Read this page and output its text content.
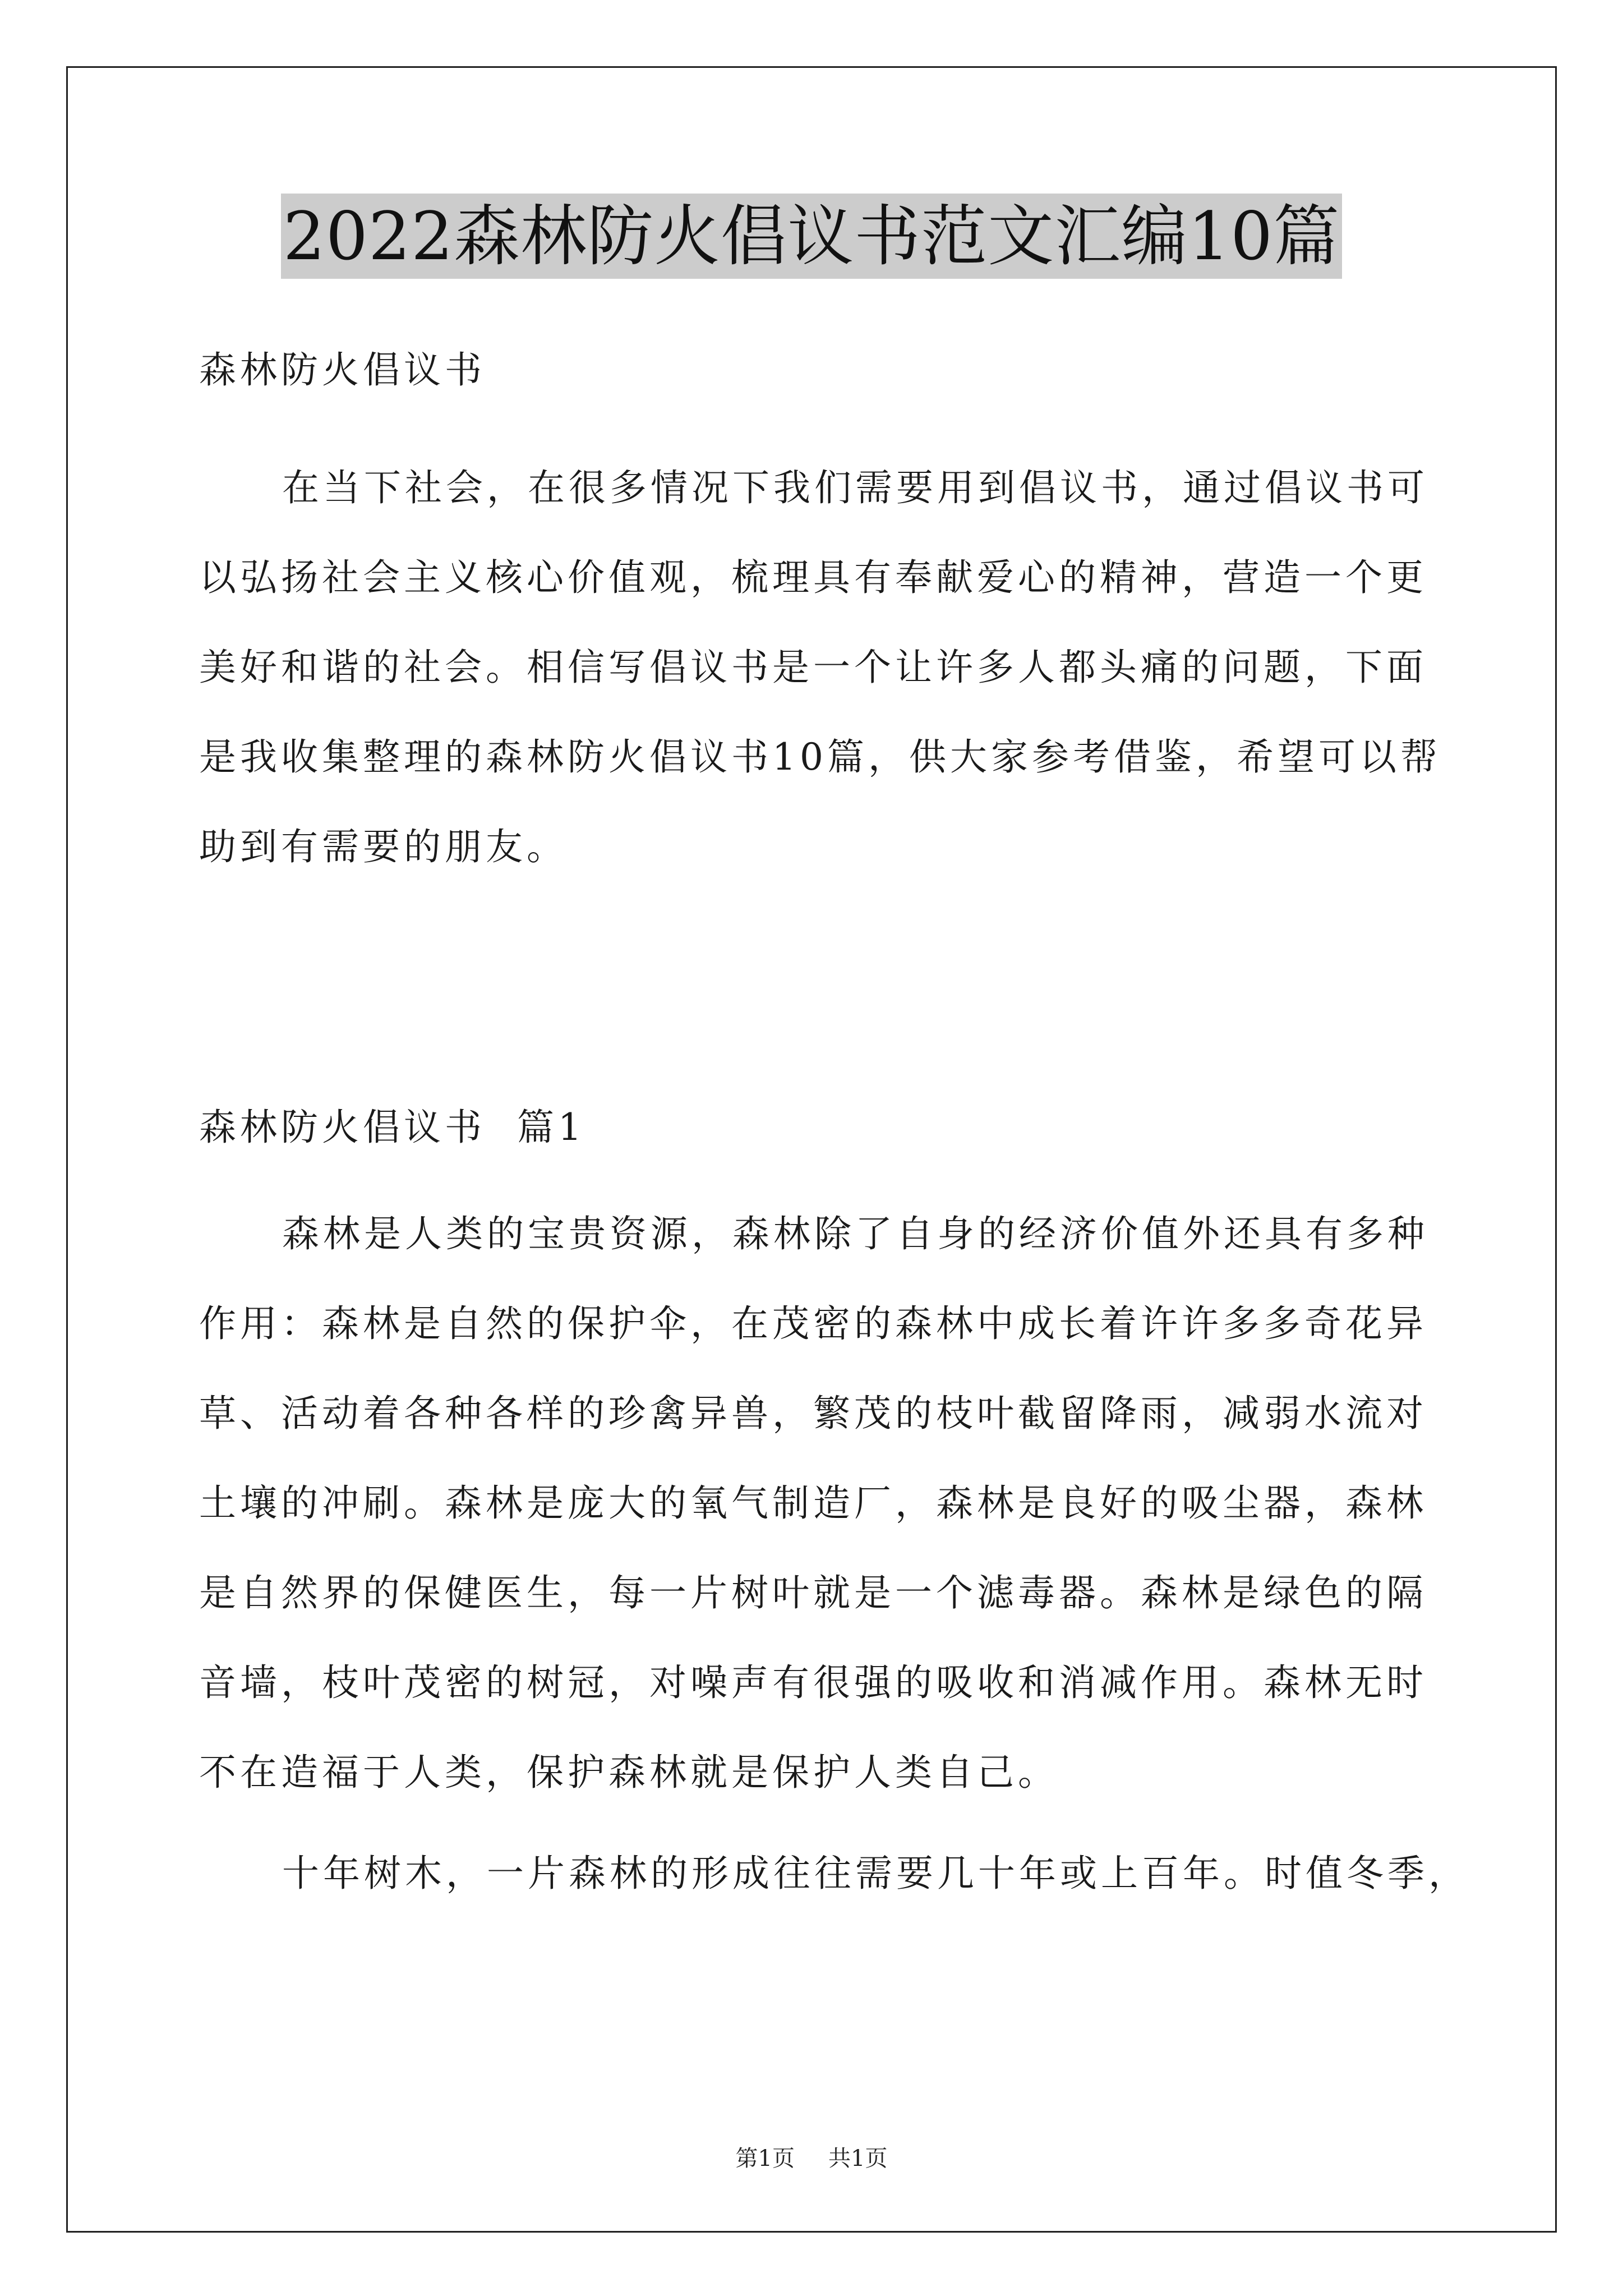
2022森林防火倡议书范文汇编10篇
森林防火倡议书
在当下社会，在很多情况下我们需要用到倡议书，通过倡议书可
以弘扬社会主义核心价值观，梳理具有奉献爱心的精神，营造一个更
美好和谐的社会。相信写倡议书是一个让许多人都头痛的问题，下面
是我收集整理的森林防火倡议书10篇，供大家参考借鉴，希望可以帮
助到有需要的朋友。
森林防火倡议书  篇1
森林是人类的宝贵资源，森林除了自身的经济价值外还具有多种
作用：森林是自然的保护伞，在茂密的森林中成长着许许多多奇花异
草、活动着各种各样的珍禽异兽，繁茂的枝叶截留降雨，减弱水流对
土壤的冲刷。森林是庞大的氧气制造厂，森林是良好的吸尘器，森林
是自然界的保健医生，每一片树叶就是一个滤毒器。森林是绿色的隔
音墙，枝叶茂密的树冠，对噪声有很强的吸收和消减作用。森林无时
不在造福于人类，保护森林就是保护人类自己。
十年树木，一片森林的形成往往需要几十年或上百年。时值冬季，
第1页 共1页
